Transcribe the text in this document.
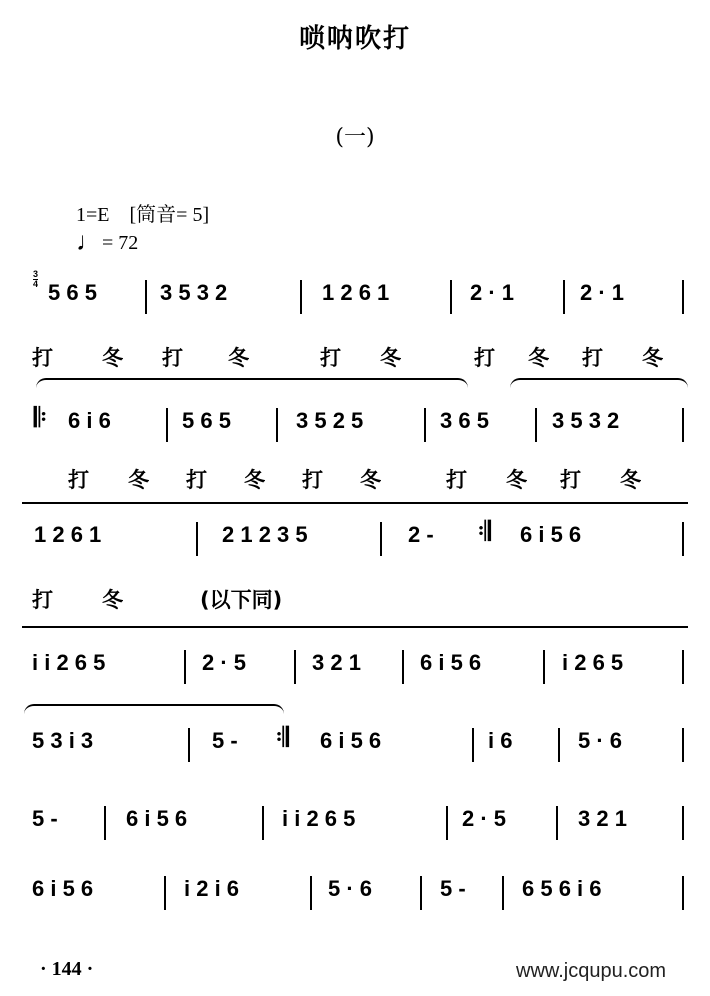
唢呐吹打
(一)
1=E [筒音= 5]
♩ = 72
3
4 5 6 5	3 5 3 2	1 2 6 1	2 · 1	2 · 1
打 冬 打 冬	打 冬	打 冬 打 冬
𝄆 6 i 6	5 6 5	3 5 2 5	3 6 5	3 5 3 2
打 冬 打 冬 打 冬	打 冬 打 冬
1 2 6 1	2 1 2 3 5	2 - 𝄇 6 i 5 6
打 冬	(以下同)
i i 2 6 5	2 · 5	3 2 1	6 i 5 6	i 2 6 5
5 3 i 3	5 - 𝄇 6 i 5 6	i 6	5 · 6
5 -	6 i 5 6	i i 2 6 5	2 · 5	3 2 1
6 i 5 6	i 2 i 6	5 · 6	5 -	6 5 6 i 6
· 144 ·	www.jcqupu.com
